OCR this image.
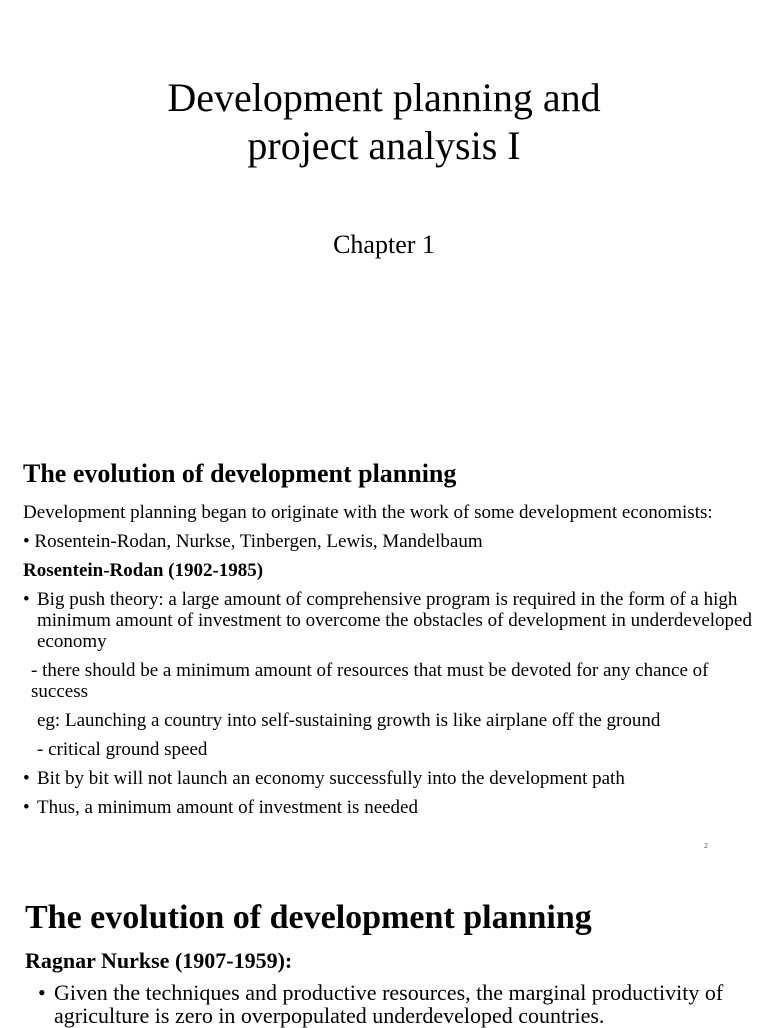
Development planning and
project analysis I
Chapter 1
The evolution of development planning

Development planning began to originate with the work of some development economists:

• Rosentein-Rodan, Nurkse, Tinbergen, Lewis, Mandelbaum

Rosentein-Rodan (1902-1985)

• Big push theory: a large amount of comprehensive program is required in the form of a high minimum amount of investment to overcome the obstacles of development in underdeveloped economy

- there should be a minimum amount of resources that must be devoted for any chance of success

eg: Launching a country into self-sustaining growth is like airplane off the ground

- critical ground speed

• Bit by bit will not launch an economy successfully into the development path

• Thus, a minimum amount of investment is needed

2
The evolution of development planning
Ragnar Nurkse (1907-1959):
• Given the techniques and productive resources, the marginal productivity of agriculture is zero in overpopulated underdeveloped countries.
